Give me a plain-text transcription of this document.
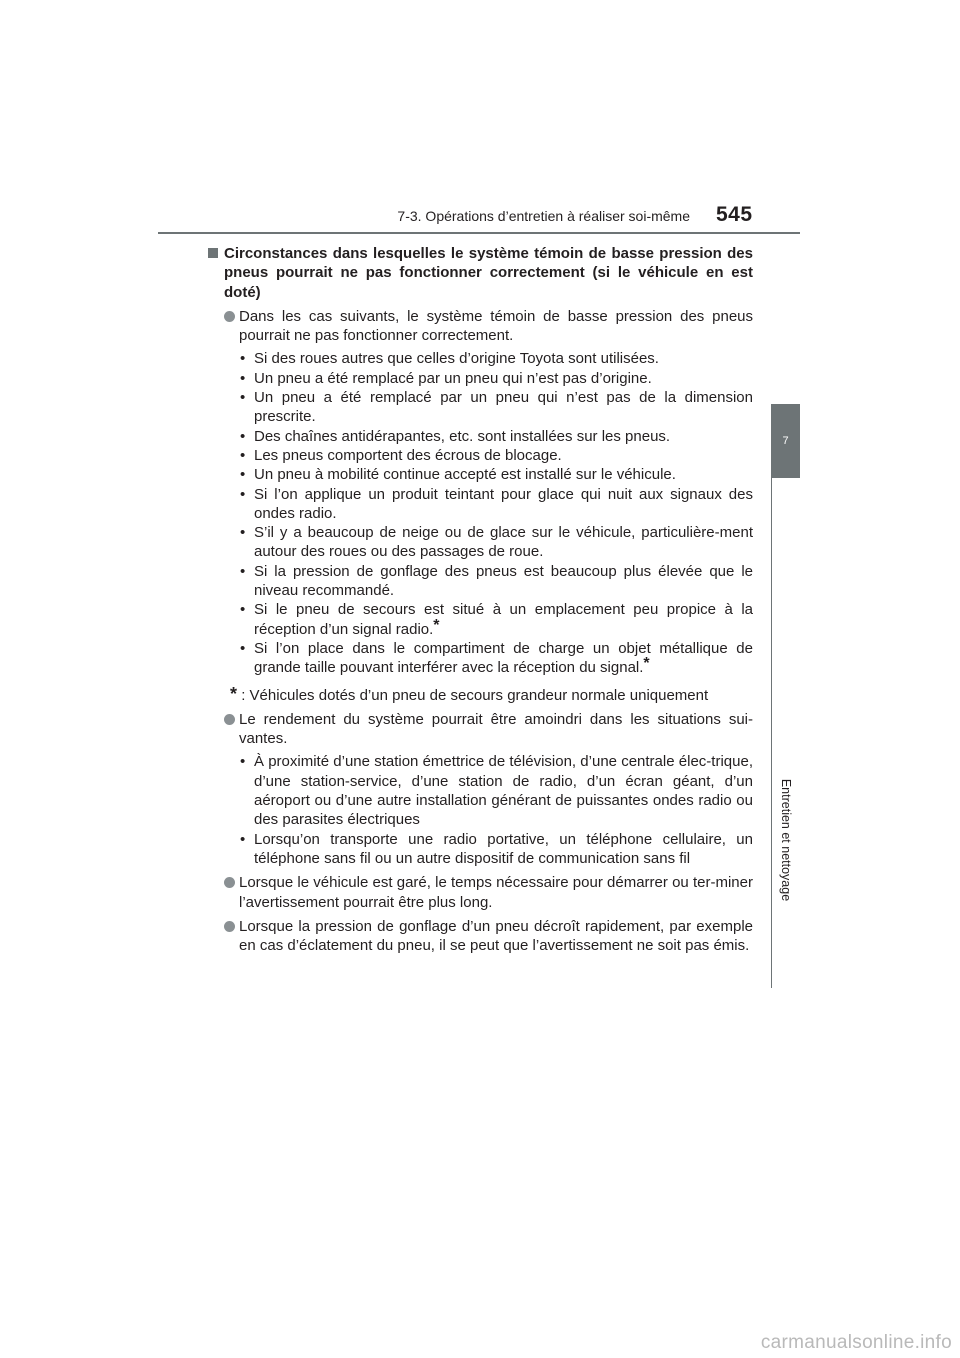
7-3. Opérations d’entretien à réaliser soi-même 545
7
Entretien et nettoyage
Circonstances dans lesquelles le système témoin de basse pression des pneus pourrait ne pas fonctionner correctement (si le véhicule en est doté)
Dans les cas suivants, le système témoin de basse pression des pneus pourrait ne pas fonctionner correctement.
• Si des roues autres que celles d’origine Toyota sont utilisées.
• Un pneu a été remplacé par un pneu qui n’est pas d’origine.
• Un pneu a été remplacé par un pneu qui n’est pas de la dimension prescrite.
• Des chaînes antidérapantes, etc. sont installées sur les pneus.
• Les pneus comportent des écrous de blocage.
• Un pneu à mobilité continue accepté est installé sur le véhicule.
• Si l’on applique un produit teintant pour glace qui nuit aux signaux des ondes radio.
• S’il y a beaucoup de neige ou de glace sur le véhicule, particulière-ment autour des roues ou des passages de roue.
• Si la pression de gonflage des pneus est beaucoup plus élevée que le niveau recommandé.
• Si le pneu de secours est situé à un emplacement peu propice à la réception d’un signal radio.*
• Si l’on place dans le compartiment de charge un objet métallique de grande taille pouvant interférer avec la réception du signal.*
* : Véhicules dotés d’un pneu de secours grandeur normale uniquement
Le rendement du système pourrait être amoindri dans les situations sui-vantes.
• À proximité d’une station émettrice de télévision, d’une centrale élec-trique, d’une station-service, d’une station de radio, d’un écran géant, d’un aéroport ou d’une autre installation générant de puissantes ondes radio ou des parasites électriques
• Lorsqu’on transporte une radio portative, un téléphone cellulaire, un téléphone sans fil ou un autre dispositif de communication sans fil
Lorsque le véhicule est garé, le temps nécessaire pour démarrer ou ter-miner l’avertissement pourrait être plus long.
Lorsque la pression de gonflage d’un pneu décroît rapidement, par exemple en cas d’éclatement du pneu, il se peut que l’avertissement ne soit pas émis.
carmanualsonline.info
